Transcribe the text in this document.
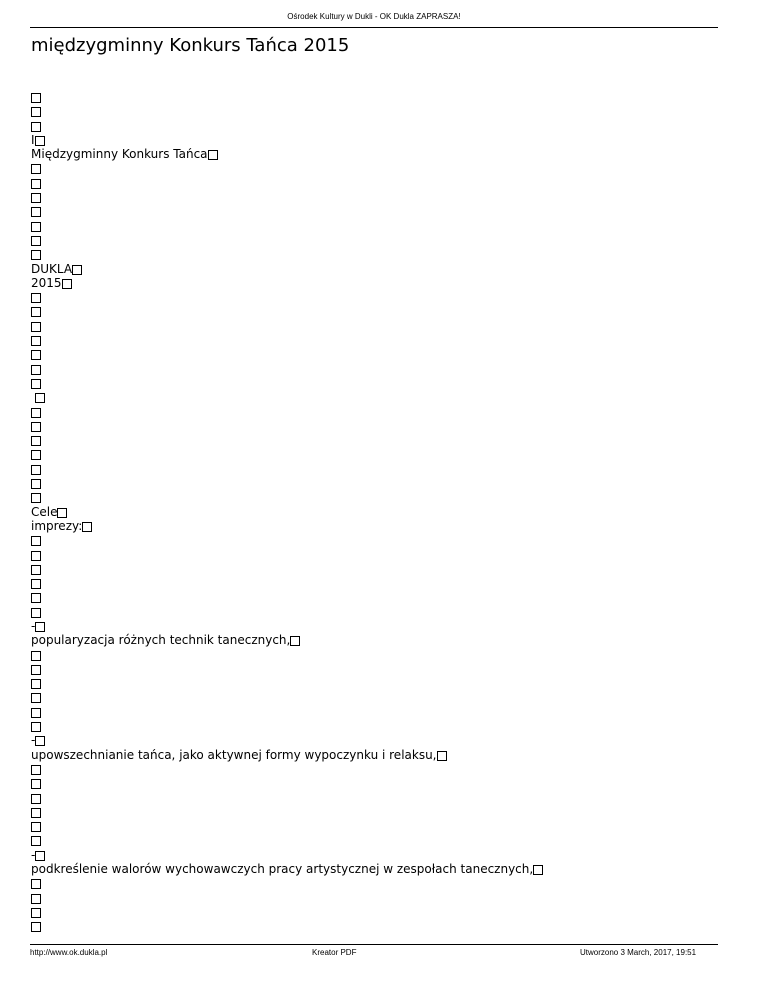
Ośrodek Kultury w Dukli - OK Dukla ZAPRASZA!
międzygminny Konkurs Tańca 2015
I
Międzygminny Konkurs Tańca
DUKLA
2015

Cele
imprezy:
-
popularyzacja różnych technik tanecznych,
-
upowszechnianie tańca, jako aktywnej formy wypoczynku i relaksu,
-
podkreślenie walorów wychowawczych pracy artystycznej w zespołach tanecznych,
http://www.ok.dukla.pl	Kreator PDF	Utworzono 3 March, 2017, 19:51
